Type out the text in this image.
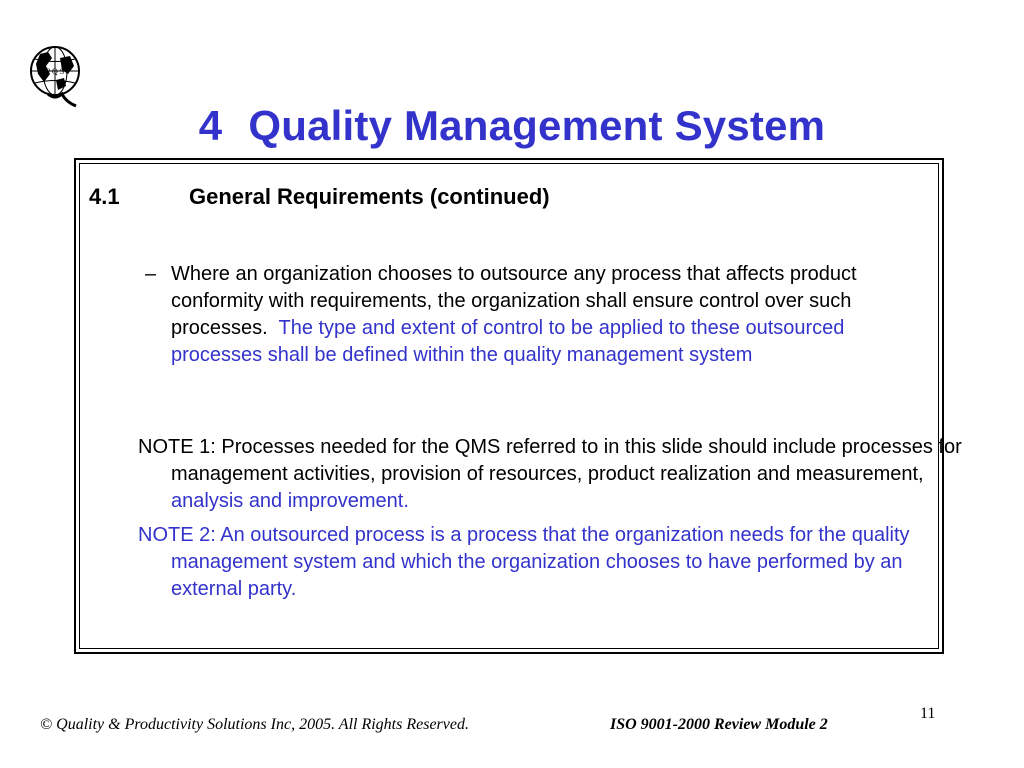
P Q S
4 Quality Management System
4.1	General Requirements (continued)
– Where an organization chooses to outsource any process that affects product conformity with requirements, the organization shall ensure control over such processes. The type and extent of control to be applied to these outsourced processes shall be defined within the quality management system
NOTE 1: Processes needed for the QMS referred to in this slide should include processes for management activities, provision of resources, product realization and measurement, analysis and improvement.
NOTE 2: An outsourced process is a process that the organization needs for the quality management system and which the organization chooses to have performed by an external party.
© Quality & Productivity Solutions Inc, 2005. All Rights Reserved.	ISO 9001-2000 Review Module 2
11
